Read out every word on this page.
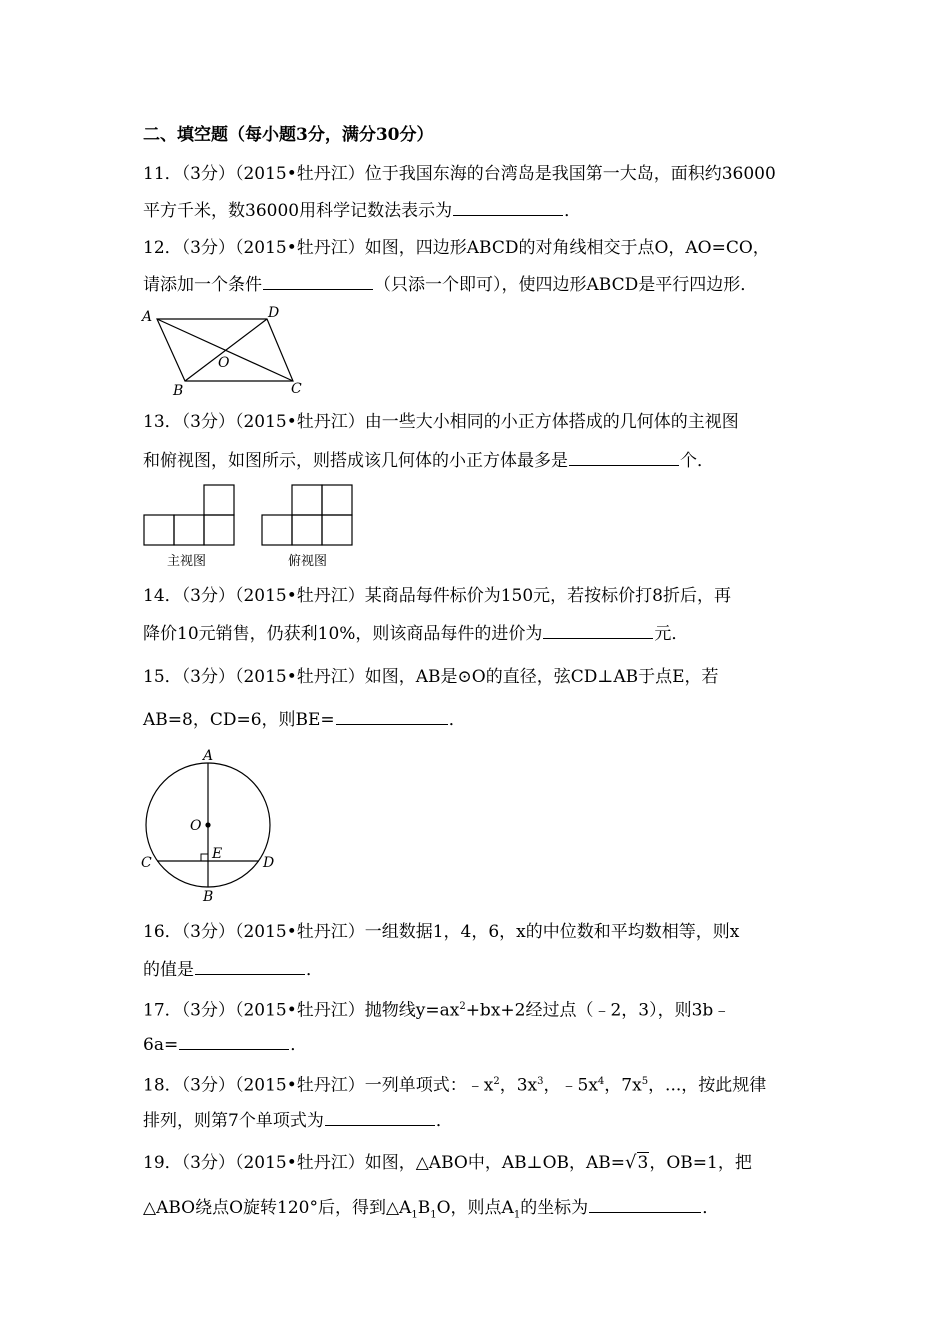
二、填空题（每小题3分，满分30分）
11．（3分）（2015•牡丹江）位于我国东海的台湾岛是我国第一大岛，面积约36000
平方千米，数36000用科学记数法表示为	．
12．（3分）（2015•牡丹江）如图，四边形ABCD的对角线相交于点O，AO=CO，
请添加一个条件	（只添一个即可），使四边形ABCD是平行四边形．
A	D
O
B	C
13．（3分）（2015•牡丹江）由一些大小相同的小正方体搭成的几何体的主视图
和俯视图，如图所示，则搭成该几何体的小正方体最多是	个．
主视图	俯视图
14．（3分）（2015•牡丹江）某商品每件标价为150元，若按标价打8折后，再
降价10元销售，仍获利10%，则该商品每件的进价为	元．
15．（3分）（2015•牡丹江）如图，AB是⊙O的直径，弦CD⊥AB于点E，若
AB=8，CD=6，则BE=	．
A
O
E
C	D
B
16．（3分）（2015•牡丹江）一组数据1，4，6，x的中位数和平均数相等，则x
的值是	．
17．（3分）（2015•牡丹江）抛物线$y=ax^2+bx+2$经过点（﹣2，3），则3b﹣
6a=	．
18．（3分）（2015•牡丹江）一列单项式：$﹣x^2$，$3x^3$，$﹣5x^4$，$7x^5$，...，按此规律
排列，则第7个单项式为	．
19．（3分）（2015•牡丹江）如图，△ABO中，AB⊥OB，AB=√3，OB=1，把
△ABO绕点O旋转120°后，得到$\triangle A_1B_1O$，则点$A_1$的坐标为	．
